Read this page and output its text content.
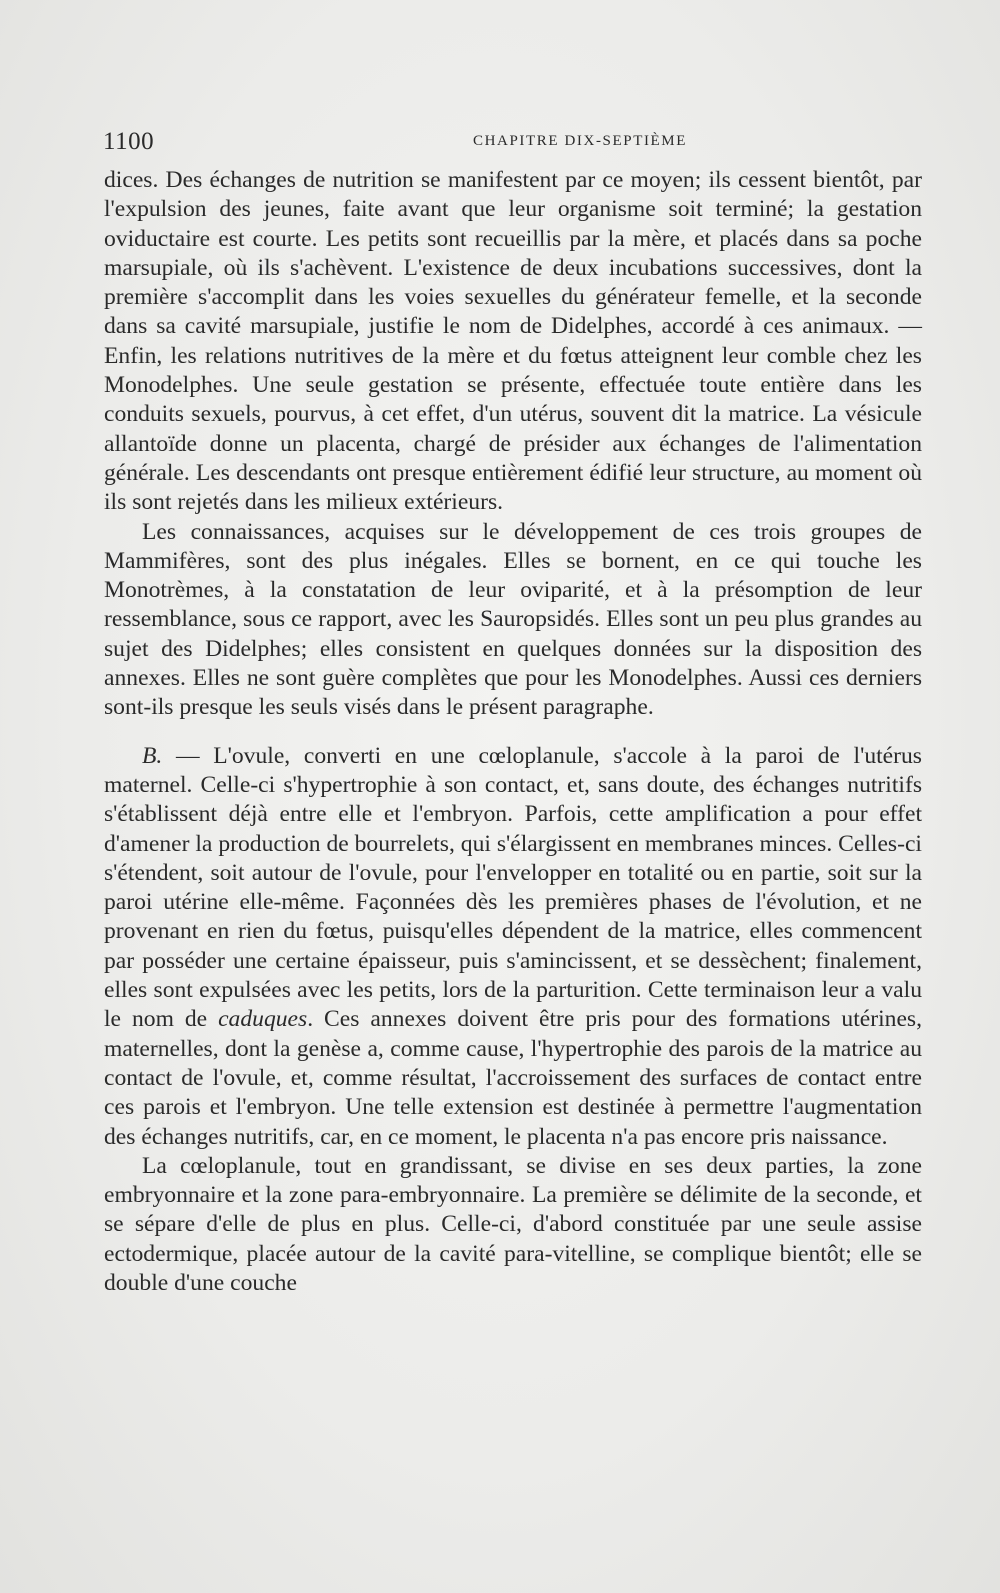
1100	CHAPITRE DIX-SEPTIÈME

dices. Des échanges de nutrition se manifestent par ce moyen; ils cessent bientôt, par l'expulsion des jeunes, faite avant que leur organisme soit terminé; la gestation oviductaire est courte. Les petits sont recueillis par la mère, et placés dans sa poche marsupiale, où ils s'achèvent. L'existence de deux incubations successives, dont la première s'accomplit dans les voies sexuelles du générateur femelle, et la seconde dans sa cavité marsupiale, justifie le nom de Didelphes, accordé à ces animaux. — Enfin, les relations nutritives de la mère et du fœtus atteignent leur comble chez les Monodelphes. Une seule gestation se présente, effectuée toute entière dans les conduits sexuels, pourvus, à cet effet, d'un utérus, souvent dit la matrice. La vésicule allantoïde donne un placenta, chargé de présider aux échanges de l'alimentation générale. Les descendants ont presque entièrement édifié leur structure, au moment où ils sont rejetés dans les milieux extérieurs.

Les connaissances, acquises sur le développement de ces trois groupes de Mammifères, sont des plus inégales. Elles se bornent, en ce qui touche les Monotrèmes, à la constatation de leur oviparité, et à la présomption de leur ressemblance, sous ce rapport, avec les Sauropsidés. Elles sont un peu plus grandes au sujet des Didelphes; elles consistent en quelques données sur la disposition des annexes. Elles ne sont guère complètes que pour les Monodelphes. Aussi ces derniers sont-ils presque les seuls visés dans le présent paragraphe.

B. — L'ovule, converti en une cœloplanule, s'accole à la paroi de l'utérus maternel. Celle-ci s'hypertrophie à son contact, et, sans doute, des échanges nutritifs s'établissent déjà entre elle et l'embryon. Parfois, cette amplification a pour effet d'amener la production de bourrelets, qui s'élargissent en membranes minces. Celles-ci s'étendent, soit autour de l'ovule, pour l'envelopper en totalité ou en partie, soit sur la paroi utérine elle-même. Façonnées dès les premières phases de l'évolution, et ne provenant en rien du fœtus, puisqu'elles dépendent de la matrice, elles commencent par posséder une certaine épaisseur, puis s'amincissent, et se dessèchent; finalement, elles sont expulsées avec les petits, lors de la parturition. Cette terminaison leur a valu le nom de caduques. Ces annexes doivent être pris pour des formations utérines, maternelles, dont la genèse a, comme cause, l'hypertrophie des parois de la matrice au contact de l'ovule, et, comme résultat, l'accroissement des surfaces de contact entre ces parois et l'embryon. Une telle extension est destinée à permettre l'augmentation des échanges nutritifs, car, en ce moment, le placenta n'a pas encore pris naissance.

La cœloplanule, tout en grandissant, se divise en ses deux parties, la zone embryonnaire et la zone para-embryonnaire. La première se délimite de la seconde, et se sépare d'elle de plus en plus. Celle-ci, d'abord constituée par une seule assise ectodermique, placée autour de la cavité para-vitelline, se complique bientôt; elle se double d'une couche
